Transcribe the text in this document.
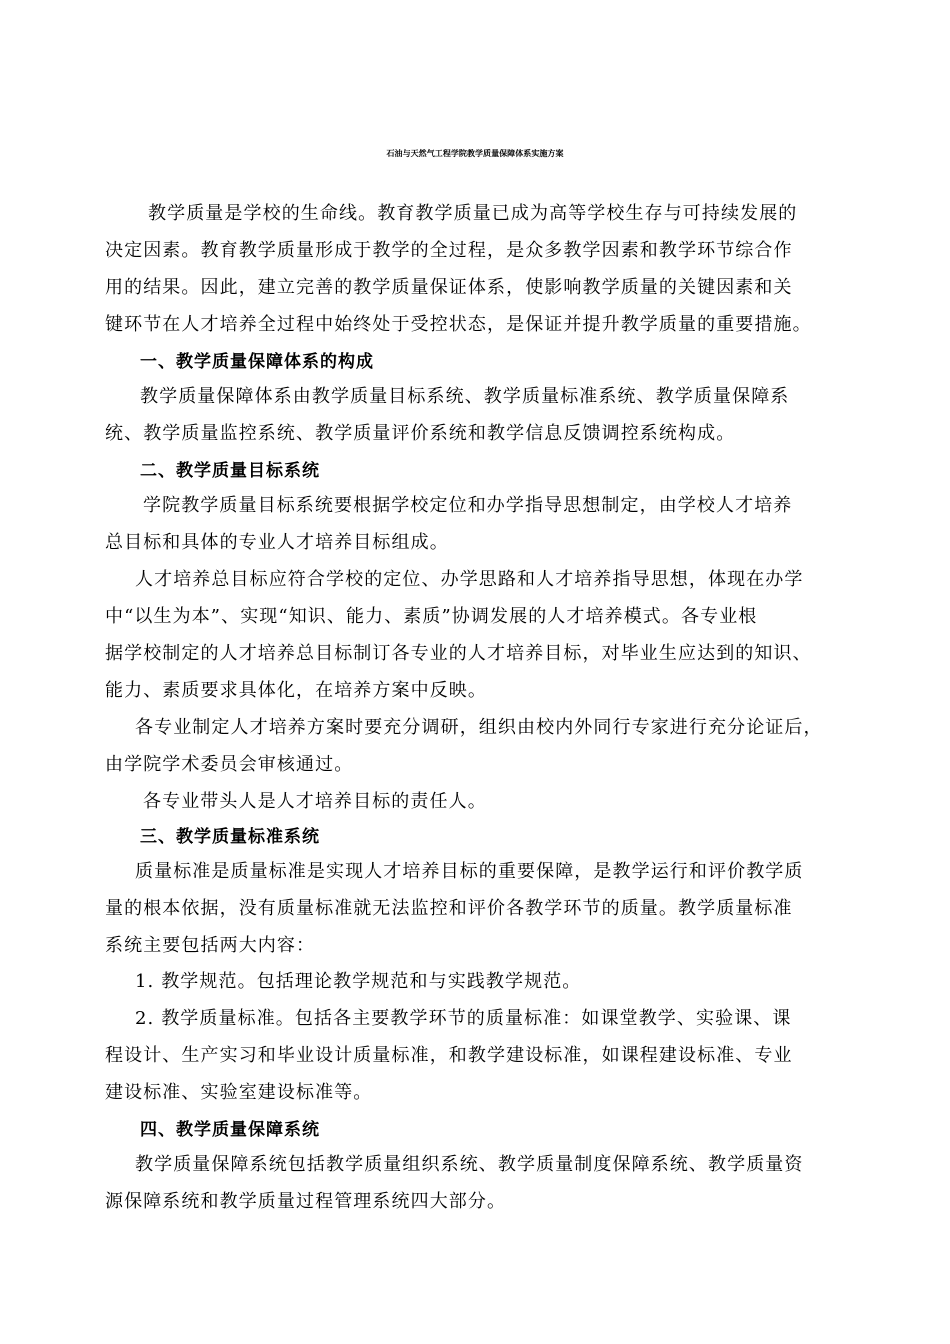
石油与天然气工程学院教学质量保障体系实施方案
教学质量是学校的生命线。教育教学质量已成为高等学校生存与可持续发展的
决定因素。教育教学质量形成于教学的全过程，是众多教学因素和教学环节综合作
用的结果。因此，建立完善的教学质量保证体系，使影响教学质量的关键因素和关
键环节在人才培养全过程中始终处于受控状态，是保证并提升教学质量的重要措施。
一、教学质量保障体系的构成
教学质量保障体系由教学质量目标系统、教学质量标准系统、教学质量保障系
统、教学质量监控系统、教学质量评价系统和教学信息反馈调控系统构成。
二、教学质量目标系统
学院教学质量目标系统要根据学校定位和办学指导思想制定，由学校人才培养
总目标和具体的专业人才培养目标组成。
人才培养总目标应符合学校的定位、办学思路和人才培养指导思想，体现在办学
中“以生为本”、实现“知识、能力、素质”协调发展的人才培养模式。各专业根
据学校制定的人才培养总目标制订各专业的人才培养目标，对毕业生应达到的知识、
能力、素质要求具体化，在培养方案中反映。
各专业制定人才培养方案时要充分调研，组织由校内外同行专家进行充分论证后，
由学院学术委员会审核通过。
各专业带头人是人才培养目标的责任人。
三、教学质量标准系统
质量标准是质量标准是实现人才培养目标的重要保障，是教学运行和评价教学质
量的根本依据，没有质量标准就无法监控和评价各教学环节的质量。教学质量标准
系统主要包括两大内容：
1. 教学规范。包括理论教学规范和与实践教学规范。
2. 教学质量标准。包括各主要教学环节的质量标准：如课堂教学、实验课、课
程设计、生产实习和毕业设计质量标准，和教学建设标准，如课程建设标准、专业
建设标准、实验室建设标准等。
四、教学质量保障系统
教学质量保障系统包括教学质量组织系统、教学质量制度保障系统、教学质量资
源保障系统和教学质量过程管理系统四大部分。
